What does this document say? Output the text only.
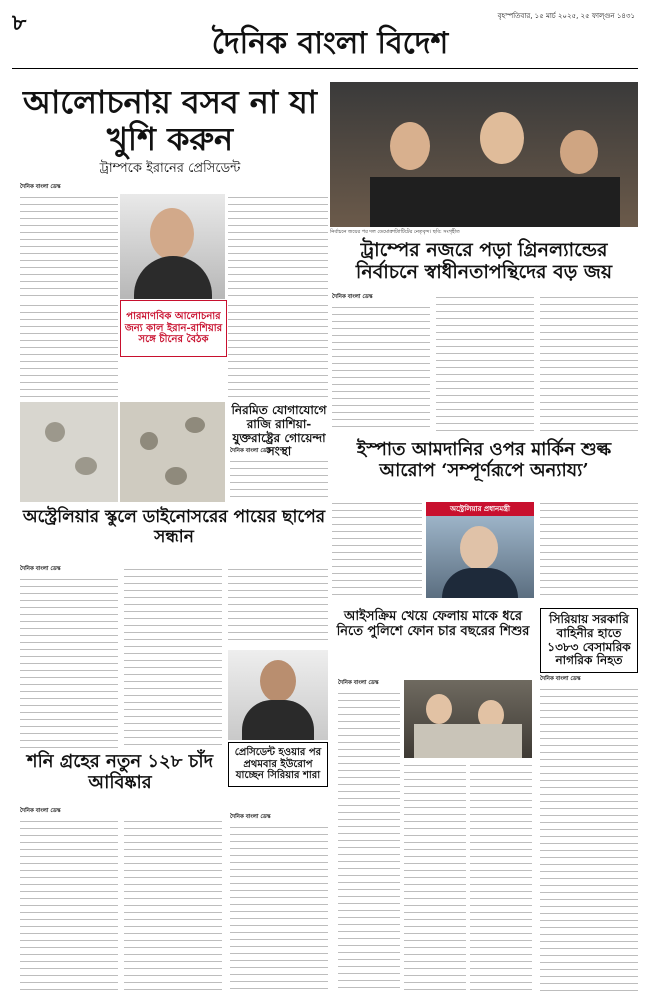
৮	বৃহস্পতিবার, ১৫ মার্চ ২০২৫, ২৫ ফাল্গুন ১৪৩১
দৈনিক বাংলা বিদেশ
আলোচনায় বসব না যা খুশি করুন
ট্রাম্পকে ইরানের প্রেসিডেন্ট
দৈনিক বাংলা ডেস্ক
পারমাণবিক আলোচনার জন্য কাল ইরান-রাশিয়ার সঙ্গে চীনের বৈঠক
নিরমিত যোগাযোগে রাজি রাশিয়া-যুক্তরাষ্ট্রের গোয়েন্দা সংস্থা
দৈনিক বাংলা ডেস্ক
নির্বাচনে জয়ের পর দল ডেমোক্রাট্যাটিটের নেতৃবৃন্দ। ছবি: সংগৃহীত
ট্রাম্পের নজরে পড়া গ্রিনল্যান্ডের নির্বাচনে স্বাধীনতাপন্থিদের বড় জয়
দৈনিক বাংলা ডেস্ক
ইস্পাত আমদানির ওপর মার্কিন শুল্ক আরোপ ‘সম্পূর্ণরূপে অন্যায্য’
অস্ট্রেলিয়ার প্রধানমন্ত্রী
অস্ট্রেলিয়ার স্কুলে ডাইনোসরের পায়ের ছাপের সন্ধান
দৈনিক বাংলা ডেস্ক
প্রেসিডেন্ট হওয়ার পর প্রথমবার ইউরোপ যাচ্ছেন সিরিয়ার শারা
দৈনিক বাংলা ডেস্ক
শনি গ্রহের নতুন ১২৮ চাঁদ আবিষ্কার
দৈনিক বাংলা ডেস্ক
আইসক্রিম খেয়ে ফেলায় মাকে ধরে নিতে পুলিশে ফোন চার বছরের শিশুর
দৈনিক বাংলা ডেস্ক
সিরিয়ায় সরকারি বাহিনীর হাতে ১৩৮৩ বেসামরিক নাগরিক নিহত
দৈনিক বাংলা ডেস্ক
